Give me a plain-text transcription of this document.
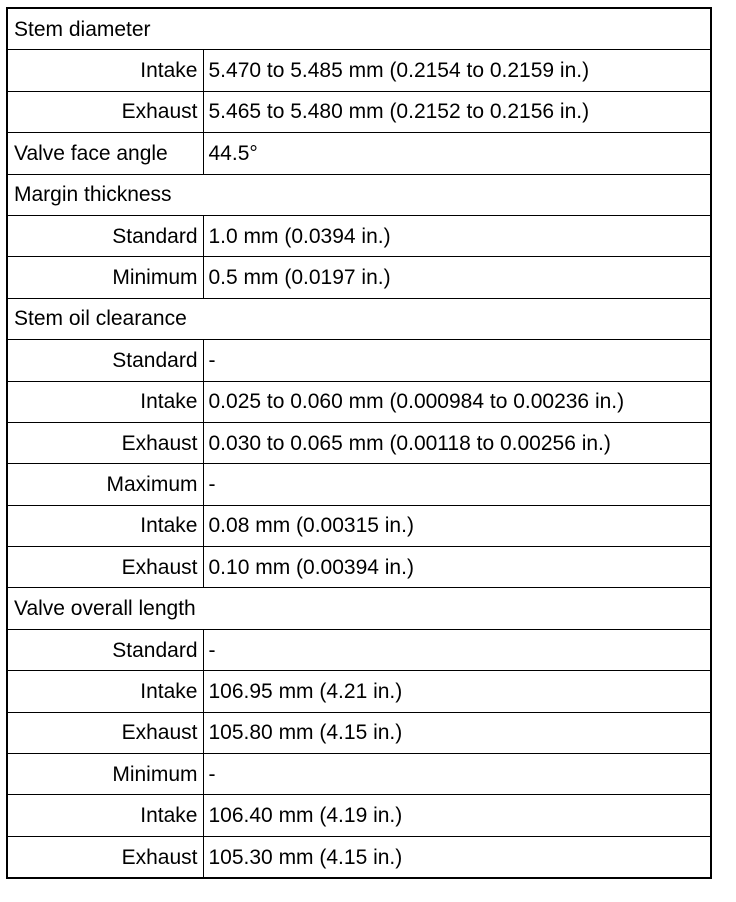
Stem diameter	
Intake	5.470 to 5.485 mm (0.2154 to 0.2159 in.)
Exhaust	5.465 to 5.480 mm (0.2152 to 0.2156 in.)
Valve face angle	44.5°
Margin thickness	
Standard	1.0 mm (0.0394 in.)
Minimum	0.5 mm (0.0197 in.)
Stem oil clearance	
Standard	-
Intake	0.025 to 0.060 mm (0.000984 to 0.00236 in.)
Exhaust	0.030 to 0.065 mm (0.00118 to 0.00256 in.)
Maximum	-
Intake	0.08 mm (0.00315 in.)
Exhaust	0.10 mm (0.00394 in.)
Valve overall length	
Standard	-
Intake	106.95 mm (4.21 in.)
Exhaust	105.80 mm (4.15 in.)
Minimum	-
Intake	106.40 mm (4.19 in.)
Exhaust	105.30 mm (4.15 in.)
